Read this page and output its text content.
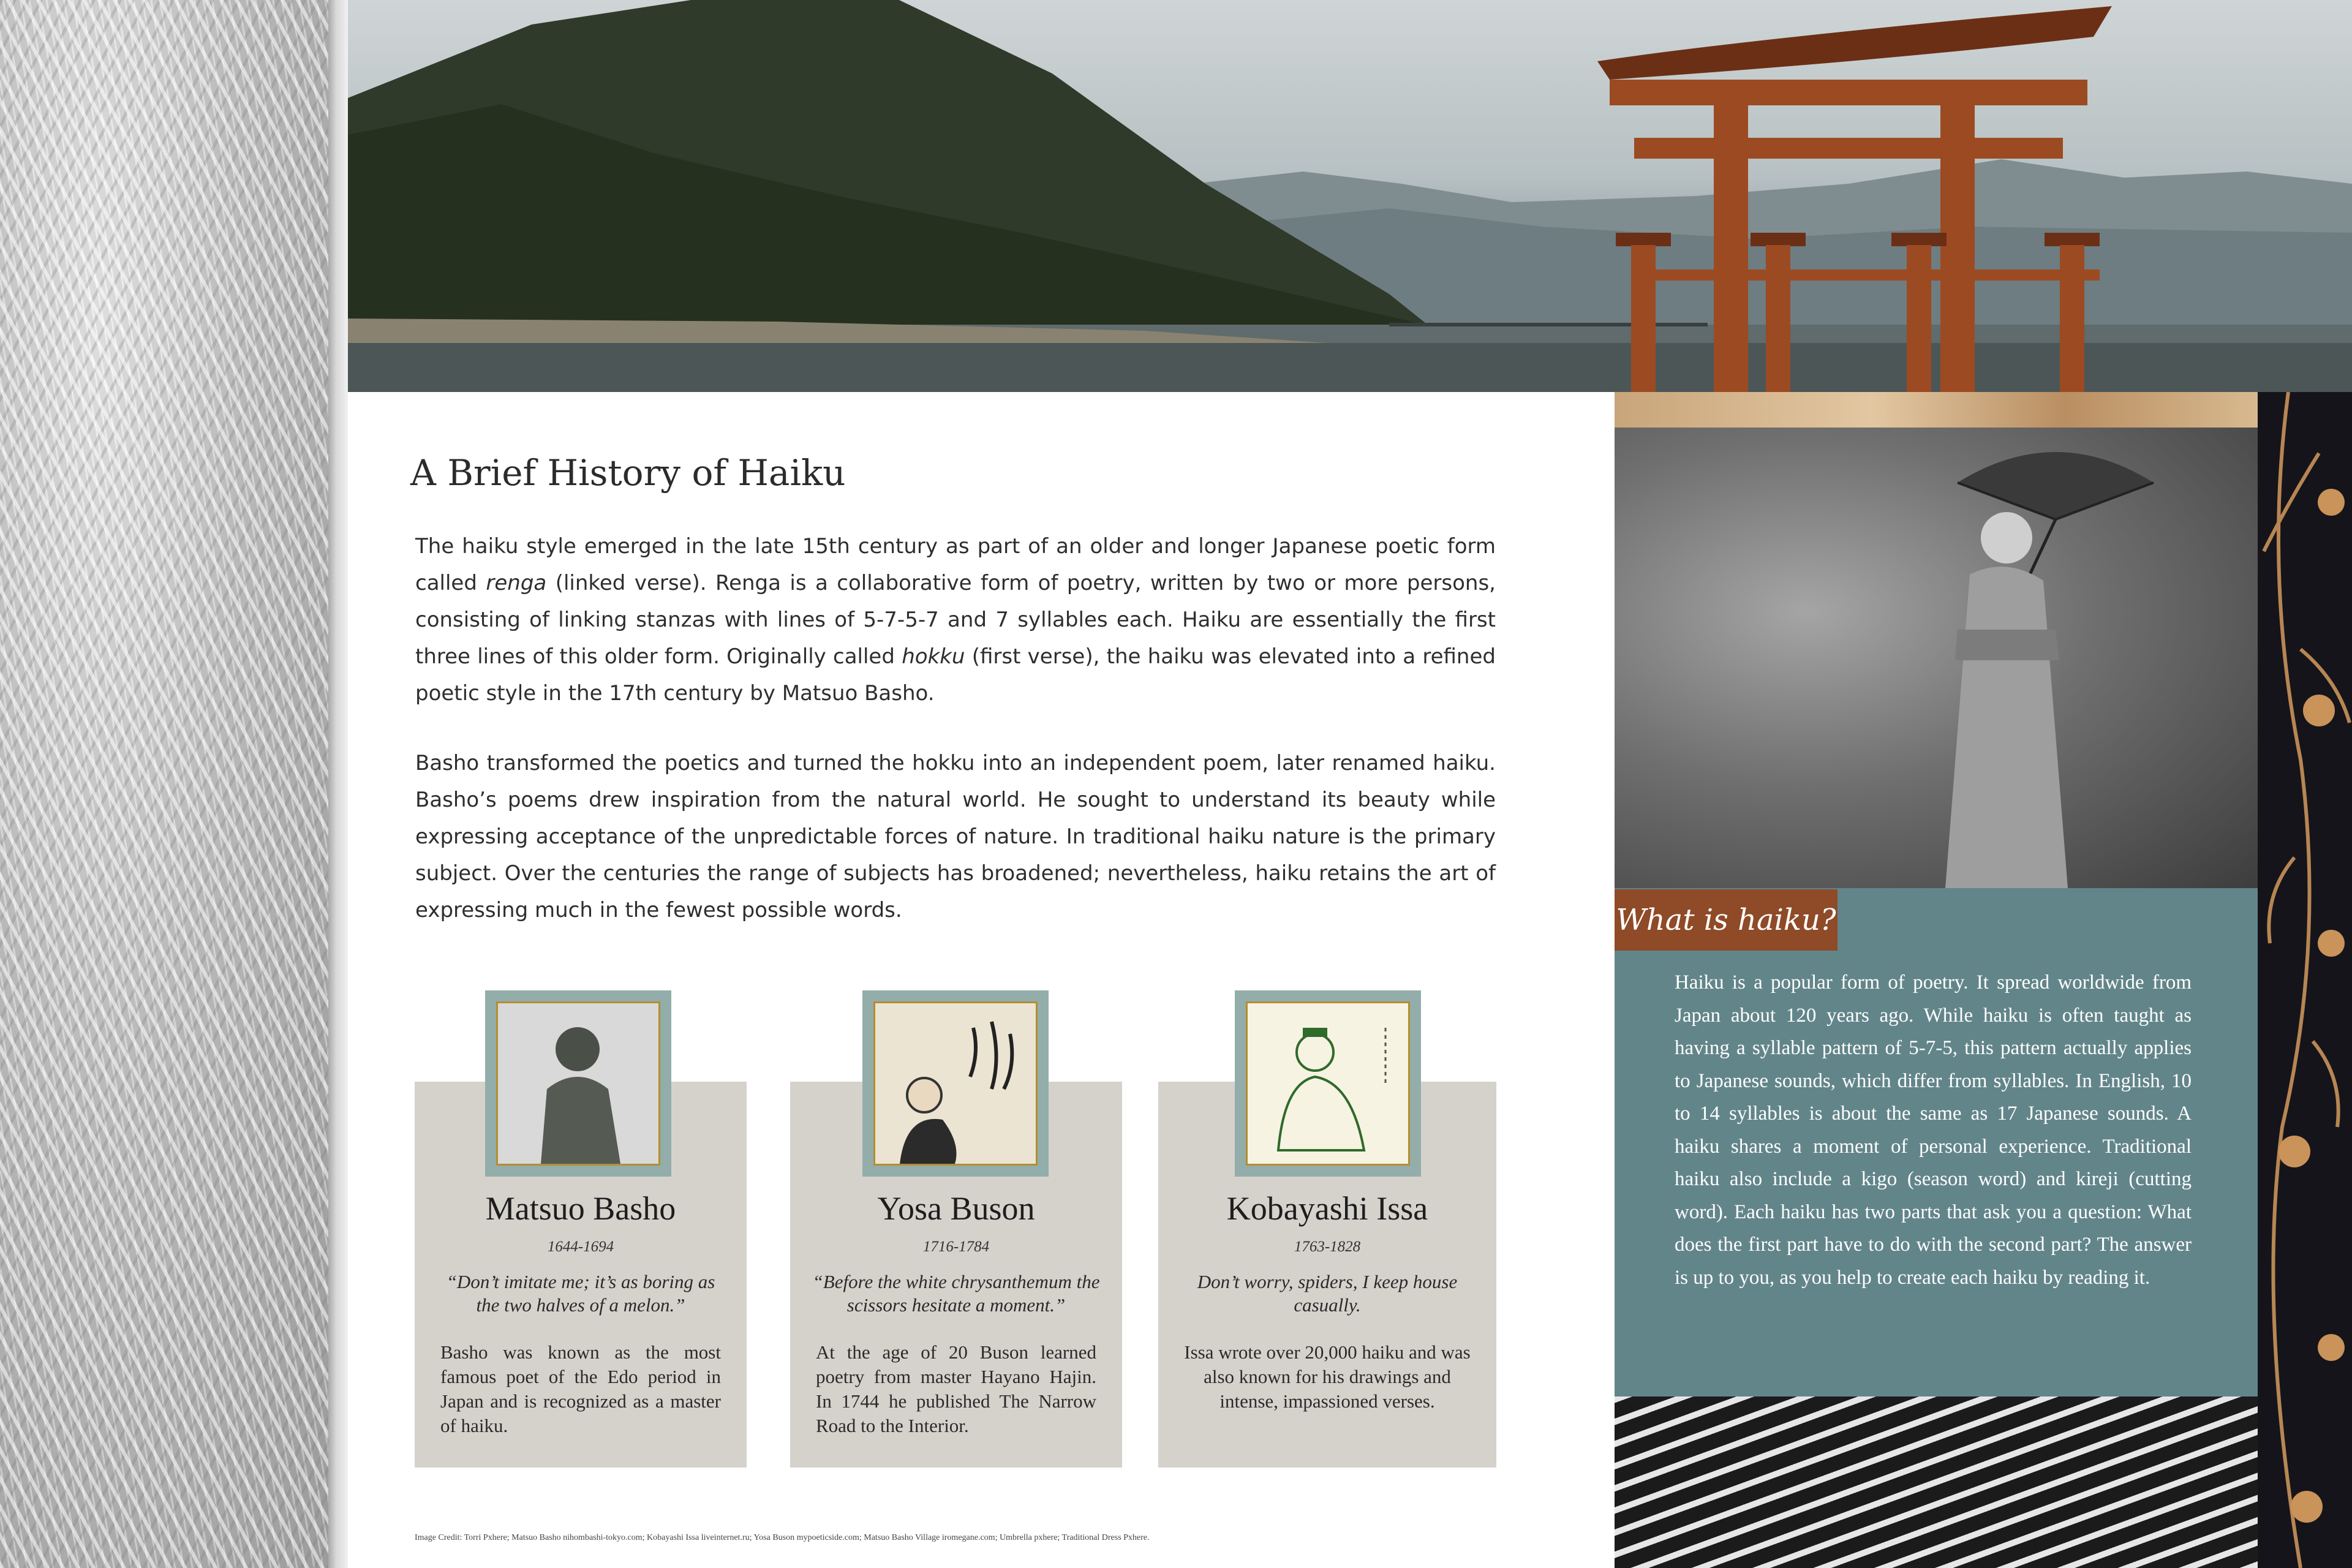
What is haiku?
Haiku is a popular form of poetry. It spread worldwide from Japan about 120 years ago. While haiku is often taught as having a syllable pattern of 5-7-5, this pattern actually applies to Japanese sounds, which differ from syllables. In English, 10 to 14 syllables is about the same as 17 Japanese sounds. A haiku shares a moment of personal experience. Traditional haiku also include a kigo (season word) and kireji (cutting word). Each haiku has two parts that ask you a question: What does the first part have to do with the second part? The answer is up to you, as you help to create each haiku by reading it.
A Brief History of Haiku

The haiku style emerged in the late 15th century as part of an older and longer Japanese poetic form called renga (linked verse). Renga is a collaborative form of poetry, written by two or more persons, consisting of linking stanzas with lines of 5-7-5-7 and 7 syllables each. Haiku are essentially the first three lines of this older form. Originally called hokku (first verse), the haiku was elevated into a refined poetic style in the 17th century by Matsuo Basho.

Basho transformed the poetics and turned the hokku into an independent poem, later renamed haiku. Basho’s poems drew inspiration from the natural world. He sought to understand its beauty while expressing acceptance of the unpredictable forces of nature. In traditional haiku nature is the primary subject. Over the centuries the range of subjects has broadened; nevertheless, haiku retains the art of expressing much in the fewest possible words.

Matsuo Basho
1644-1694
“Don’t imitate me; it’s as boring as the two halves of a melon.”
Basho was known as the most famous poet of the Edo period in Japan and is recognized as a master of haiku.
Yosa Buson
1716-1784
“Before the white chrysanthemum the scissors hesitate a moment.”
At the age of 20 Buson learned poetry from master Hayano Hajin. In 1744 he published The Narrow Road to the Interior.
Kobayashi Issa
1763-1828
Don’t worry, spiders, I keep house casually.
Issa wrote over 20,000 haiku and was also known for his drawings and intense, impassioned verses.
Image Credit: Torri Pxhere; Matsuo Basho nihombashi-tokyo.com; Kobayashi Issa liveinternet.ru; Yosa Buson mypoeticside.com; Matsuo Basho Village iromegane.com; Umbrella pxhere; Traditional Dress Pxhere.
